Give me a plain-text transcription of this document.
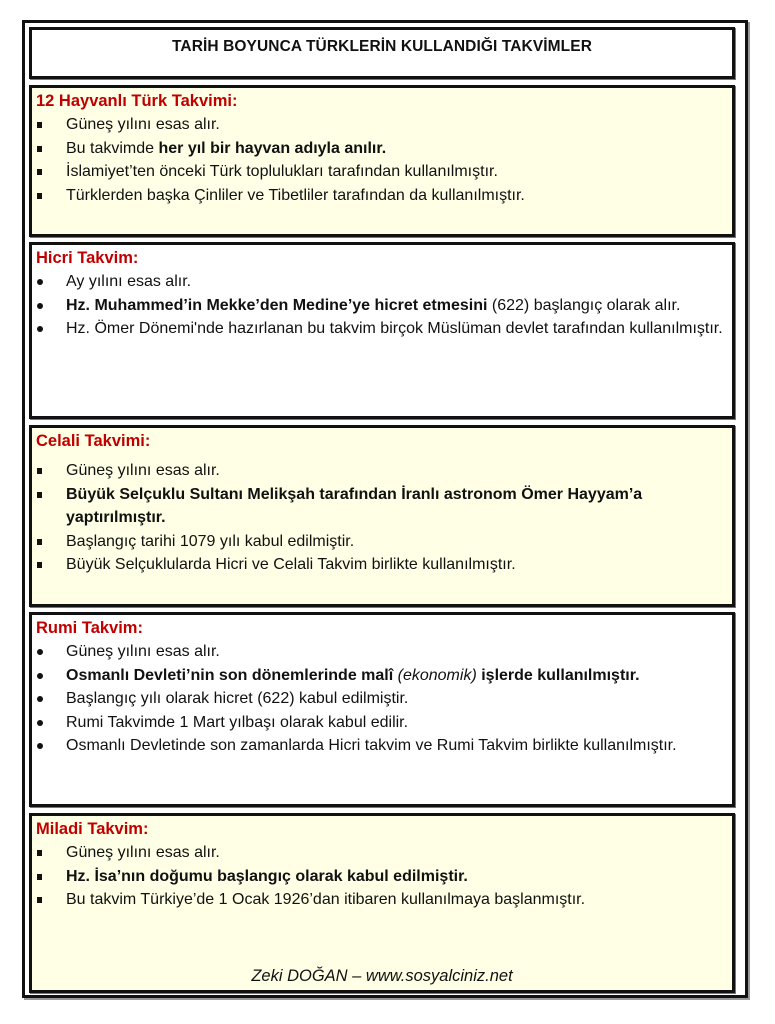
TARİH BOYUNCA TÜRKLERİN KULLANDIĞI TAKVİMLER
12 Hayvanlı Türk Takvimi:
Güneş yılını esas alır.
Bu takvimde her yıl bir hayvan adıyla anılır.
İslamiyet’ten önceki Türk toplulukları tarafından kullanılmıştır.
Türklerden başka Çinliler ve Tibetliler tarafından da kullanılmıştır.
Hicri Takvim:
Ay yılını esas alır.
Hz. Muhammed’in Mekke’den Medine’ye hicret etmesini (622) başlangıç olarak alır.
Hz. Ömer Dönemi'nde hazırlanan bu takvim birçok Müslüman devlet tarafından kullanılmıştır.
Celali Takvimi:
Güneş yılını esas alır.
Büyük Selçuklu Sultanı Melikşah tarafından İranlı astronom Ömer Hayyam’a yaptırılmıştır.
Başlangıç tarihi 1079 yılı kabul edilmiştir.
Büyük Selçuklularda Hicri ve Celali Takvim birlikte kullanılmıştır.
Rumi Takvim:
Güneş yılını esas alır.
Osmanlı Devleti’nin son dönemlerinde malî (ekonomik) işlerde kullanılmıştır.
Başlangıç yılı olarak hicret (622) kabul edilmiştir.
Rumi Takvimde 1 Mart yılbaşı olarak kabul edilir.
Osmanlı Devletinde son zamanlarda Hicri takvim ve Rumi Takvim birlikte kullanılmıştır.
Miladi Takvim:
Güneş yılını esas alır.
Hz. İsa’nın doğumu başlangıç olarak kabul edilmiştir.
Bu takvim Türkiye’de 1 Ocak 1926’dan itibaren kullanılmaya başlanmıştır.
Zeki DOĞAN – www.sosyalciniz.net
